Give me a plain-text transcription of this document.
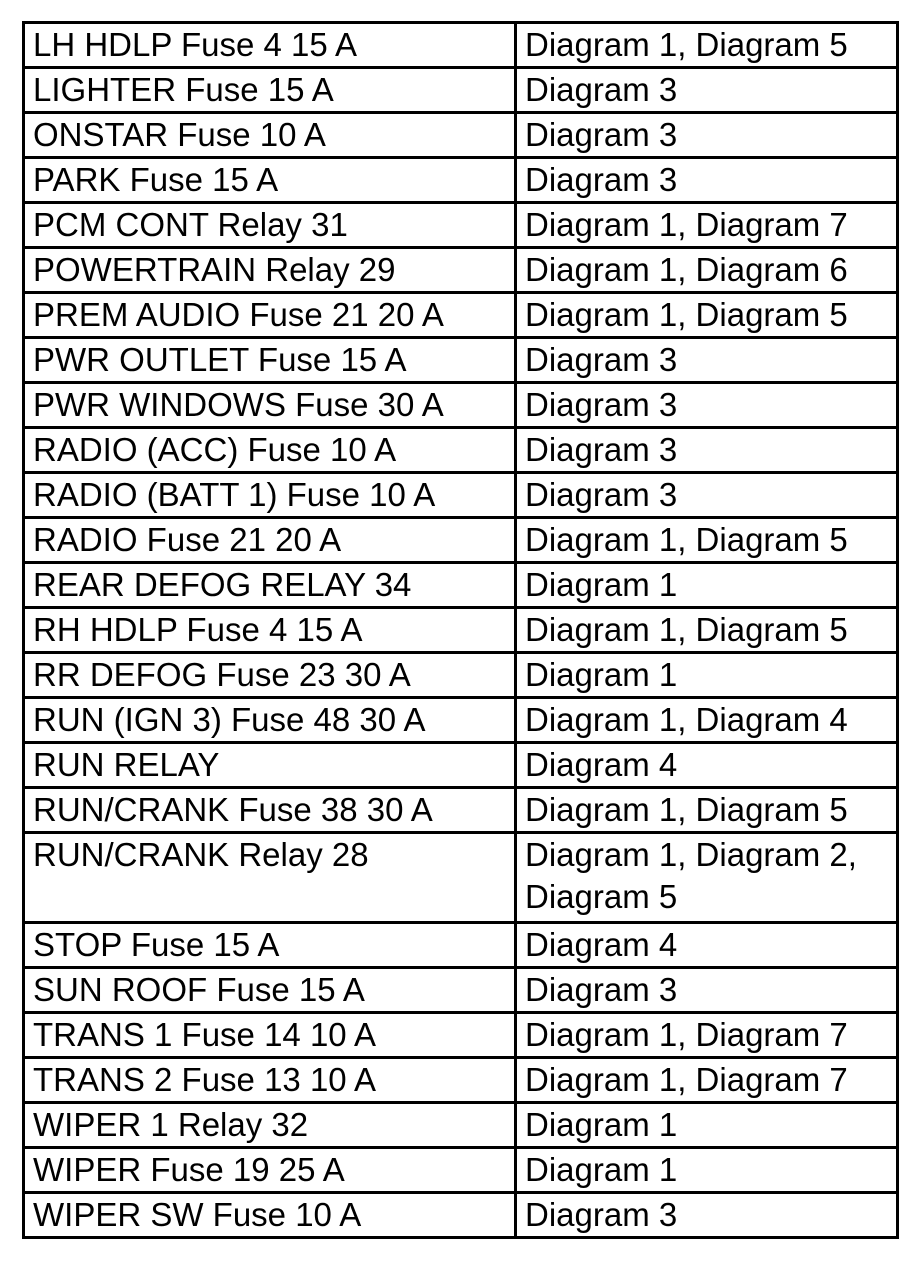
LH HDLP Fuse 4 15 A	Diagram 1, Diagram 5
LIGHTER Fuse 15 A	Diagram 3
ONSTAR Fuse 10 A	Diagram 3
PARK Fuse 15 A	Diagram 3
PCM CONT Relay 31	Diagram 1, Diagram 7
POWERTRAIN Relay 29	Diagram 1, Diagram 6
PREM AUDIO Fuse 21 20 A	Diagram 1, Diagram 5
PWR OUTLET Fuse 15 A	Diagram 3
PWR WINDOWS Fuse 30 A	Diagram 3
RADIO (ACC) Fuse 10 A	Diagram 3
RADIO (BATT 1) Fuse 10 A	Diagram 3
RADIO Fuse 21 20 A	Diagram 1, Diagram 5
REAR DEFOG RELAY 34	Diagram 1
RH HDLP Fuse 4 15 A	Diagram 1, Diagram 5
RR DEFOG Fuse 23 30 A	Diagram 1
RUN (IGN 3) Fuse 48 30 A	Diagram 1, Diagram 4
RUN RELAY	Diagram 4
RUN/CRANK Fuse 38 30 A	Diagram 1, Diagram 5
RUN/CRANK Relay 28	Diagram 1, Diagram 2, Diagram 5
STOP Fuse 15 A	Diagram 4
SUN ROOF Fuse 15 A	Diagram 3
TRANS 1 Fuse 14 10 A	Diagram 1, Diagram 7
TRANS 2 Fuse 13 10 A	Diagram 1, Diagram 7
WIPER 1 Relay 32	Diagram 1
WIPER Fuse 19 25 A	Diagram 1
WIPER SW Fuse 10 A	Diagram 3
